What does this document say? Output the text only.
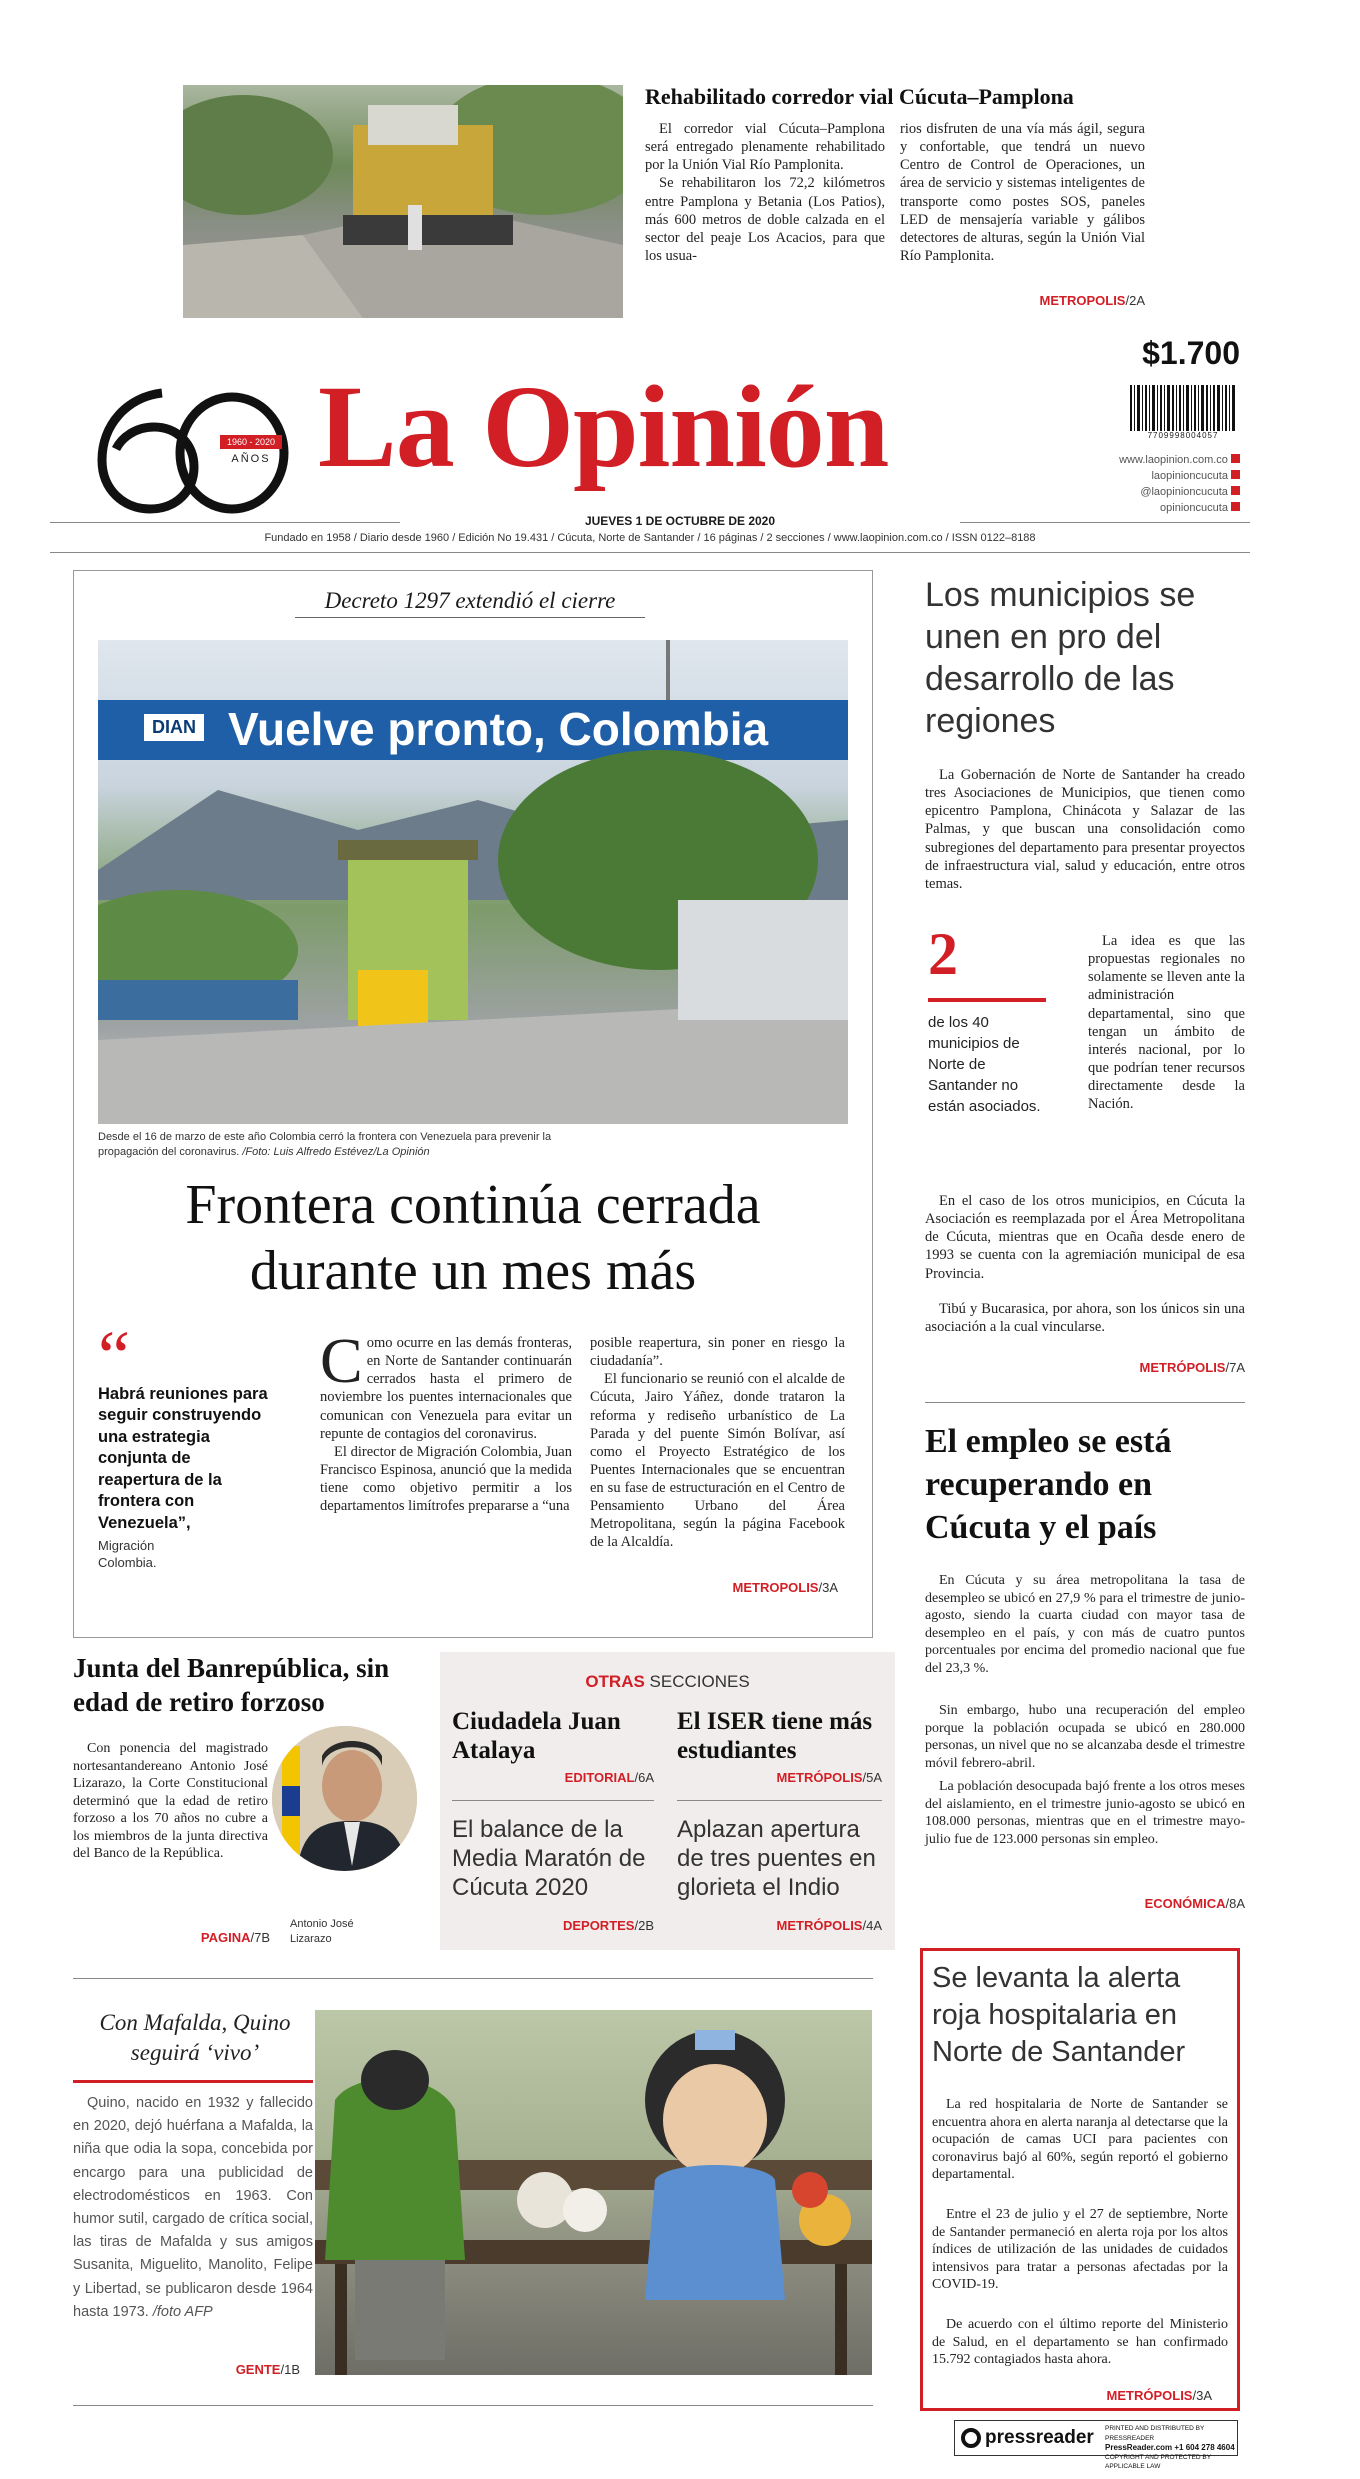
Rehabilitado corredor vial Cúcuta–Pamplona

El corredor vial Cúcuta–Pamplona será entregado plenamente rehabilitado por la Unión Vial Río Pamplonita.

Se rehabilitaron los 72,2 kilómetros entre Pamplona y Betania (Los Patios), más 600 metros de doble calzada en el sector del peaje Los Acacios, para que los usua-

rios disfruten de una vía más ágil, segura y confortable, que tendrá un nuevo Centro de Control de Operaciones, un área de servicio y sistemas inteligentes de transporte como postes SOS, paneles LED de mensajería variable y gálibos detectores de alturas, según la Unión Vial Río Pamplonita.

METROPOLIS/2A
$1.700
7709998004057
1960 - 2020
AÑOS La Opinión	www.laopinion.com.co
laopinioncucuta
@laopinioncucuta
opinioncucuta
JUEVES 1 DE OCTUBRE DE 2020
Fundado en 1958 / Diario desde 1960 / Edición No 19.431 / Cúcuta, Norte de Santander / 16 páginas / 2 secciones / www.laopinion.com.co / ISSN 0122–8188
Decreto 1297 extendió el cierre
DIAN Vuelve pronto, Colombia
Desde el 16 de marzo de este año Colombia cerró la frontera con Venezuela para prevenir la propagación del coronavirus. /Foto: Luis Alfredo Estévez/La Opinión
Frontera continúa cerrada
durante un mes más
“
Habrá reuniones para seguir construyendo una estrategia conjunta de reapertura de la frontera con Venezuela”,
Migración Colombia.

Como ocurre en las demás fronteras, en Norte de Santander continuarán cerrados hasta el primero de noviembre los puentes internacionales que comunican con Venezuela para evitar un repunte de contagios del coronavirus.

El director de Migración Colombia, Juan Francisco Espinosa, anunció que la medida tiene como objetivo permitir a los departamentos limítrofes prepararse a “una

posible reapertura, sin poner en riesgo la ciudadanía”.

El funcionario se reunió con el alcalde de Cúcuta, Jairo Yáñez, donde trataron la reforma y rediseño urbanístico de La Parada y del puente Simón Bolívar, así como el Proyecto Estratégico de los Puentes Internacionales que se encuentran en su fase de estructuración en el Centro de Pensamiento Urbano del Área Metropolitana, según la página Facebook de la Alcaldía.

METROPOLIS/3A
Los municipios se unen en pro del desarrollo de las regiones
La Gobernación de Norte de Santander ha creado tres Asociaciones de Municipios, que tienen como epicentro Pamplona, Chinácota y Salazar de las Palmas, y que buscan una consolidación como subregiones del departamento para presentar proyectos de infraestructura vial, salud y educación, entre otros temas.
2
de los 40 municipios de Norte de Santander no están asociados.
La idea es que las propuestas regionales no solamente se lleven ante la administración departamental, sino que tengan un ámbito de interés nacional, por lo que podrían tener recursos directamente desde la Nación.
En el caso de los otros municipios, en Cúcuta la Asociación es reemplazada por el Área Metropolitana de Cúcuta, mientras que en Ocaña desde enero de 1993 se cuenta con la agremiación municipal de esa Provincia.
Tibú y Bucarasica, por ahora, son los únicos sin una asociación a la cual vincularse.
METRÓPOLIS/7A
El empleo se está recuperando en Cúcuta y el país
En Cúcuta y su área metropolitana la tasa de desempleo se ubicó en 27,9 % para el trimestre de junio-agosto, siendo la cuarta ciudad con mayor tasa de desempleo en el país, y con más de cuatro puntos porcentuales por encima del promedio nacional que fue del 23,3 %.
Sin embargo, hubo una recuperación del empleo porque la población ocupada se ubicó en 280.000 personas, un nivel que no se alcanzaba desde el trimestre móvil febrero-abril.
La población desocupada bajó frente a los otros meses del aislamiento, en el trimestre junio-agosto se ubicó en 108.000 personas, mientras que en el trimestre mayo-julio fue de 123.000 personas sin empleo.
ECONÓMICA/8A
Junta del Banrepública, sin edad de retiro forzoso
Con ponencia del magistrado nortesantandereano Antonio José Lizarazo, la Corte Constitucional determinó que la edad de retiro forzoso a los 70 años no cubre a los miembros de la junta directiva del Banco de la República.
Antonio José Lizarazo
PAGINA/7B
OTRAS SECCIONES
Ciudadela Juan Atalaya
EDITORIAL/6A
El ISER tiene más estudiantes
METRÓPOLIS/5A
El balance de la Media Maratón de Cúcuta 2020
DEPORTES/2B
Aplazan apertura de tres puentes en glorieta el Indio
METRÓPOLIS/4A
Con Mafalda, Quino seguirá ‘vivo’
Quino, nacido en 1932 y fallecido en 2020, dejó huérfana a Mafalda, la niña que odia la sopa, concebida por encargo para una publicidad de electrodomésticos en 1963. Con humor sutil, cargado de crítica social, las tiras de Mafalda y sus amigos Susanita, Miguelito, Manolito, Felipe y Libertad, se publicaron desde 1964 hasta 1973. /foto AFP
GENTE/1B
Se levanta la alerta roja hospitalaria en Norte de Santander
La red hospitalaria de Norte de Santander se encuentra ahora en alerta naranja al detectarse que la ocupación de camas UCI para pacientes con coronavirus bajó al 60%, según reportó el gobierno departamental.
Entre el 23 de julio y el 27 de septiembre, Norte de Santander permaneció en alerta roja por los altos índices de utilización de las unidades de cuidados intensivos para tratar a personas afectadas por la COVID-19.
De acuerdo con el último reporte del Ministerio de Salud, en el departamento se han confirmado 15.792 contagiados hasta ahora.
METRÓPOLIS/3A
pressreader PRINTED AND DISTRIBUTED BY PRESSREADER
PressReader.com +1 604 278 4604
COPYRIGHT AND PROTECTED BY APPLICABLE LAW
